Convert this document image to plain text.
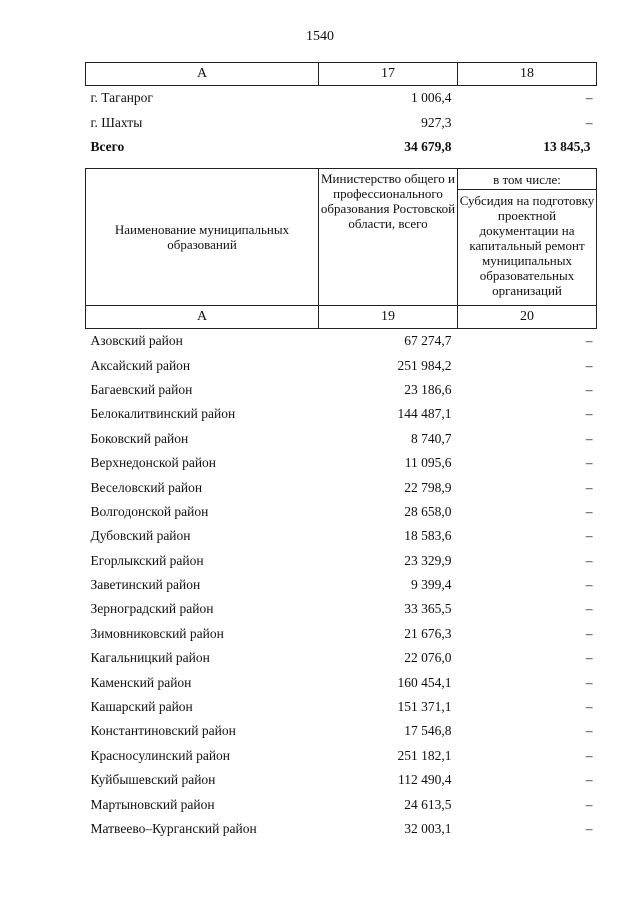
1540
А	17	18
г. Таганрог	1 006,4	–
г. Шахты	927,3	–
Всего	34 679,8	13 845,3
Наименование муниципальных образований	Министерство общего и профессионального образования Ростовской области, всего	в том числе:
		Субсидия на подготовку проектной документации на капитальный ремонт муниципальных образовательных организаций
А	19	20
Азовский район	67 274,7	–
Аксайский район	251 984,2	–
Багаевский район	23 186,6	–
Белокалитвинский район	144 487,1	–
Боковский район	8 740,7	–
Верхнедонской район	11 095,6	–
Веселовский район	22 798,9	–
Волгодонской район	28 658,0	–
Дубовский район	18 583,6	–
Егорлыкский район	23 329,9	–
Заветинский район	9 399,4	–
Зерноградский район	33 365,5	–
Зимовниковский район	21 676,3	–
Кагальницкий район	22 076,0	–
Каменский район	160 454,1	–
Кашарский район	151 371,1	–
Константиновский район	17 546,8	–
Красносулинский район	251 182,1	–
Куйбышевский район	112 490,4	–
Мартыновский район	24 613,5	–
Матвеево–Курганский район	32 003,1	–
